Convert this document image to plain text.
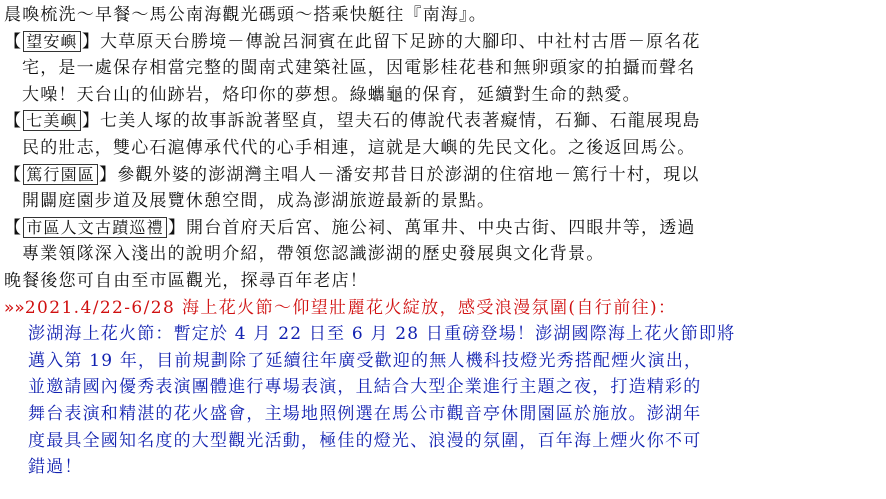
晨喚梳洗～早餐～馬公南海觀光碼頭～搭乘快艇往『南海』。
【 望安嶼 】大草原天台勝境－傳說呂洞賓在此留下足跡的大腳印、中社村古厝－原名花
宅，是一處保存相當完整的閩南式建築社區，因電影桂花巷和無卵頭家的拍攝而聲名
大噪！天台山的仙跡岩，烙印你的夢想。綠蠵龜的保育，延續對生命的熱愛。
【 七美嶼 】七美人塚的故事訴說著堅貞，望夫石的傳說代表著癡情，石獅、石龍展現島
民的壯志，雙心石滬傳承代代的心手相連，這就是大嶼的先民文化。之後返回馬公。
【 篤行園區 】參觀外婆的澎湖灣主唱人－潘安邦昔日於澎湖的住宿地－篤行十村，現以
開闢庭園步道及展覽休憩空間，成為澎湖旅遊最新的景點。
【 市區人文古蹟巡禮 】開台首府天后宮、施公祠、萬軍井、中央古街、四眼井等，透過
專業領隊深入淺出的說明介紹，帶領您認識澎湖的歷史發展與文化背景。
晚餐後您可自由至市區觀光，探尋百年老店！
»»2021.4/22-6/28 海上花火節～仰望壯麗花火綻放，感受浪漫氛圍(自行前往)：
澎湖海上花火節：暫定於 4 月 22 日至 6 月 28 日重磅登場！澎湖國際海上花火節即將
邁入第 19 年，目前規劃除了延續往年廣受歡迎的無人機科技燈光秀搭配煙火演出，
並邀請國內優秀表演團體進行專場表演，且結合大型企業進行主題之夜，打造精彩的
舞台表演和精湛的花火盛會，主場地照例選在馬公市觀音亭休閒園區於施放。澎湖年
度最具全國知名度的大型觀光活動，極佳的燈光、浪漫的氛圍，百年海上煙火你不可
錯過！
